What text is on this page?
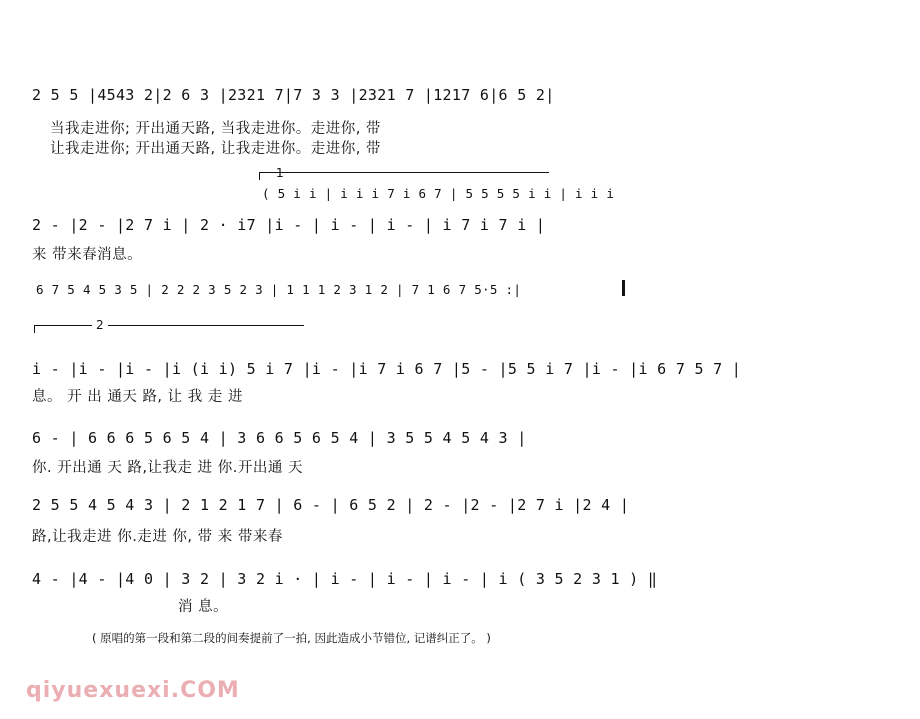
2 5 5 |4543 2|2 6 3 |2321 7|7 3 3 |2321 7 |1217 6|6 5 2|
当我走进你; 开出通天路, 当我走进你。走进你, 带
让我走进你; 开出通天路, 让我走进你。走进你, 带
1
( 5 i i | i i i 7 i 6 7 | 5 5 5 5 i i | i i i
2 - |2 - |2 7 i | 2 · i7 |i - | i - | i - | i 7 i 7 i |
来 带来春消息。
6 7 5 4 5 3 5 | 2 2 2 3 5 2 3 | 1 1 1 2 3 1 2 | 7 1 6 7 5·5 :|
2
i - |i - |i - |i (i i) 5 i 7 |i - |i 7 i 6 7 |5 - |5 5 i 7 |i - |i 6 7 5 7 |
息。 开 出 通天 路, 让 我 走 进
6 - | 6 6 6 5 6 5 4 | 3 6 6 5 6 5 4 | 3 5 5 4 5 4 3 |
你. 开出通 天 路,让我走 进 你.开出通 天
2 5 5 4 5 4 3 | 2 1 2 1 7 | 6 - | 6 5 2 | 2 - |2 - |2 7 i |2 4 |
路,让我走进 你.走进 你, 带 来 带来春
4 - |4 - |4 0 | 3 2 | 3 2 i · | i - | i - | i - | i ( 3 5 2 3 1 ) ‖
消 息。
( 原唱的第一段和第二段的间奏提前了一拍, 因此造成小节错位, 记谱纠正了。 )
qiyuexuexi.COM
